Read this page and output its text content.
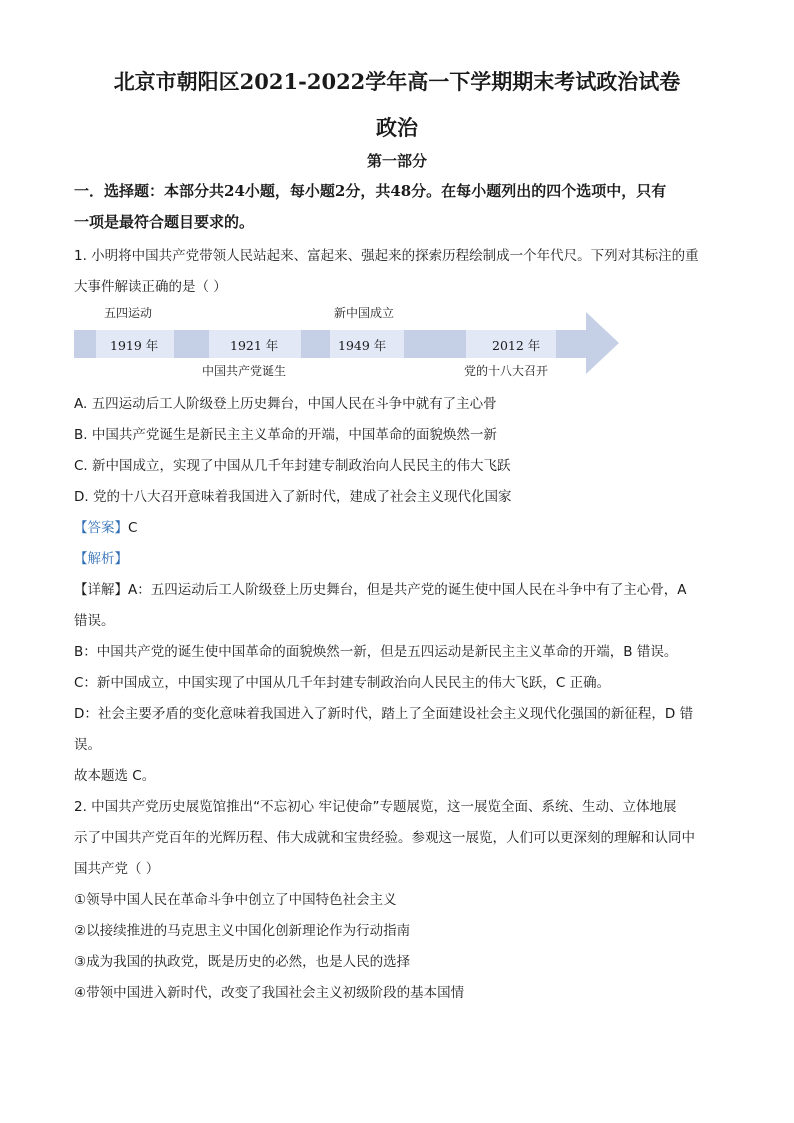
北京市朝阳区2021-2022学年高一下学期期末考试政治试卷
政治
第一部分
一．选择题：本部分共24小题，每小题2分，共48分。在每小题列出的四个选项中，只有
一项是最符合题目要求的。
1. 小明将中国共产党带领人民站起来、富起来、强起来的探索历程绘制成一个年代尺。下列对其标注的重
大事件解读正确的是（ ）
五四运动	新中国成立
1919 年	1921 年	1949 年	2012 年
中国共产党诞生	党的十八大召开
A. 五四运动后工人阶级登上历史舞台，中国人民在斗争中就有了主心骨
B. 中国共产党诞生是新民主主义革命的开端，中国革命的面貌焕然一新
C. 新中国成立，实现了中国从几千年封建专制政治向人民民主的伟大飞跃
D. 党的十八大召开意味着我国进入了新时代，建成了社会主义现代化国家
【答案】C
【解析】
【详解】A：五四运动后工人阶级登上历史舞台，但是共产党的诞生使中国人民在斗争中有了主心骨，A
错误。
B：中国共产党的诞生使中国革命的面貌焕然一新，但是五四运动是新民主主义革命的开端，B 错误。
C：新中国成立，中国实现了中国从几千年封建专制政治向人民民主的伟大飞跃，C 正确。
D：社会主要矛盾的变化意味着我国进入了新时代，踏上了全面建设社会主义现代化强国的新征程，D 错
误。
故本题选 C。
2. 中国共产党历史展览馆推出“不忘初心 牢记使命”专题展览，这一展览全面、系统、生动、立体地展
示了中国共产党百年的光辉历程、伟大成就和宝贵经验。参观这一展览，人们可以更深刻的理解和认同中
国共产党（ ）
①领导中国人民在革命斗争中创立了中国特色社会主义
②以接续推进的马克思主义中国化创新理论作为行动指南
③成为我国的执政党，既是历史的必然，也是人民的选择
④带领中国进入新时代，改变了我国社会主义初级阶段的基本国情
